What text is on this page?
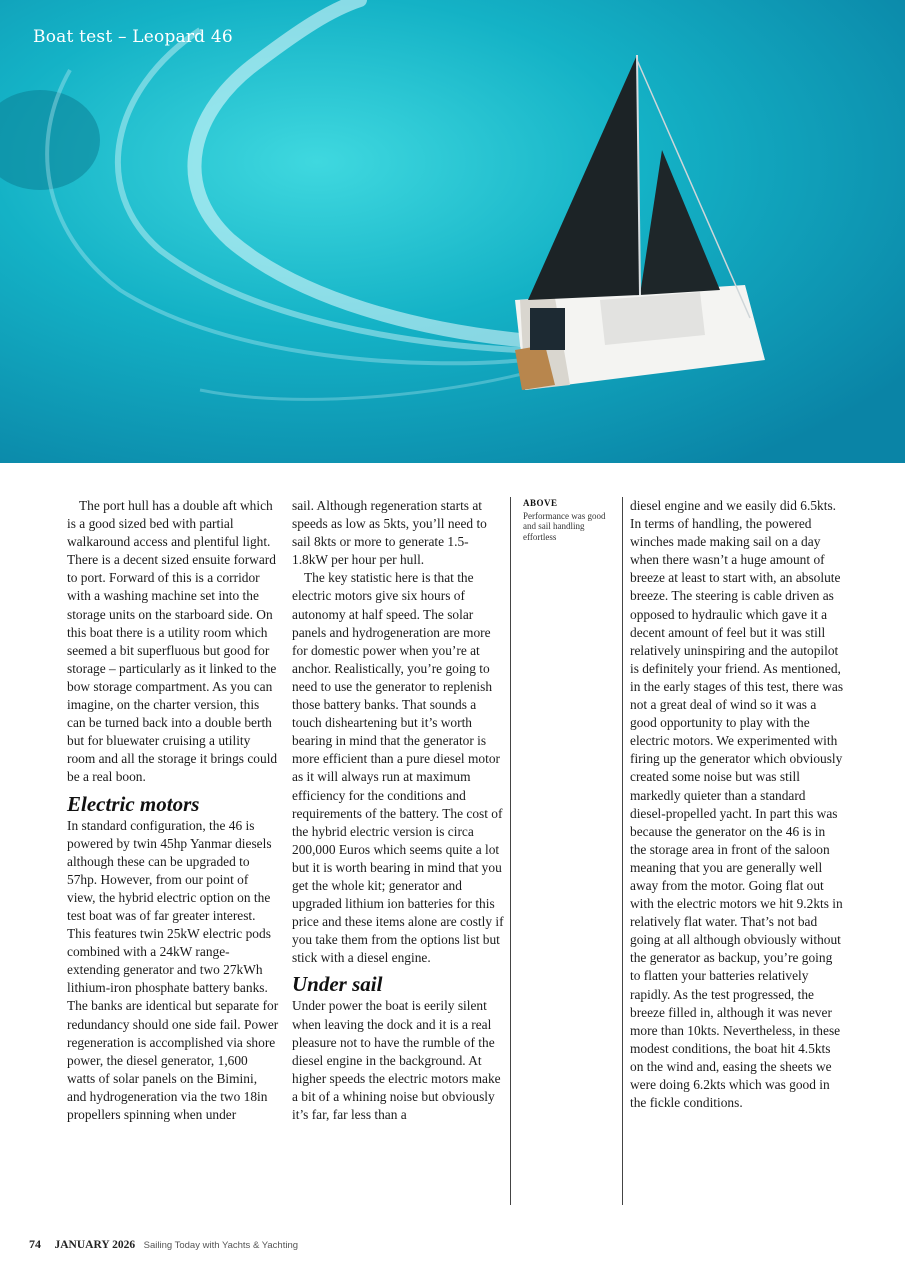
Boat test – Leopard 46

The port hull has a double aft which is a good sized bed with partial walkaround access and plentiful light. There is a decent sized ensuite forward to port. Forward of this is a corridor with a washing machine set into the storage units on the starboard side. On this boat there is a utility room which seemed a bit superfluous but good for storage – particularly as it linked to the bow storage compartment. As you can imagine, on the charter version, this can be turned back into a double berth but for bluewater cruising a utility room and all the storage it brings could be a real boon.

Electric motors

In standard configuration, the 46 is powered by twin 45hp Yanmar diesels although these can be upgraded to 57hp. However, from our point of view, the hybrid electric option on the test boat was of far greater interest. This features twin 25kW electric pods combined with a 24kW range-extending generator and two 27kWh lithium-iron phosphate battery banks. The banks are identical but separate for redundancy should one side fail. Power regeneration is accomplished via shore power, the diesel generator, 1,600 watts of solar panels on the Bimini, and hydrogeneration via the two 18in propellers spinning when under

sail. Although regeneration starts at speeds as low as 5kts, you’ll need to sail 8kts or more to generate 1.5-1.8kW per hour per hull.

The key statistic here is that the electric motors give six hours of autonomy at half speed. The solar panels and hydrogeneration are more for domestic power when you’re at anchor. Realistically, you’re going to need to use the generator to replenish those battery banks. That sounds a touch disheartening but it’s worth bearing in mind that the generator is more efficient than a pure diesel motor as it will always run at maximum efficiency for the conditions and requirements of the battery. The cost of the hybrid electric version is circa 200,000 Euros which seems quite a lot but it is worth bearing in mind that you get the whole kit; generator and upgraded lithium ion batteries for this price and these items alone are costly if you take them from the options list but stick with a diesel engine.

Under sail

Under power the boat is eerily silent when leaving the dock and it is a real pleasure not to have the rumble of the diesel engine in the background. At higher speeds the electric motors make a bit of a whining noise but obviously it’s far, far less than a

ABOVE
Performance was good and sail handling effortless

diesel engine and we easily did 6.5kts. In terms of handling, the powered winches made making sail on a day when there wasn’t a huge amount of breeze at least to start with, an absolute breeze. The steering is cable driven as opposed to hydraulic which gave it a decent amount of feel but it was still relatively uninspiring and the autopilot is definitely your friend. As mentioned, in the early stages of this test, there was not a great deal of wind so it was a good opportunity to play with the electric motors. We experimented with firing up the generator which obviously created some noise but was still markedly quieter than a standard diesel-propelled yacht. In part this was because the generator on the 46 is in the storage area in front of the saloon meaning that you are generally well away from the motor. Going flat out with the electric motors we hit 9.2kts in relatively flat water. That’s not bad going at all although obviously without the generator as backup, you’re going to flatten your batteries relatively rapidly. As the test progressed, the breeze filled in, although it was never more than 10kts. Nevertheless, in these modest conditions, the boat hit 4.5kts on the wind and, easing the sheets we were doing 6.2kts which was good in the fickle conditions.

74 JANUARY 2026 Sailing Today with Yachts & Yachting
